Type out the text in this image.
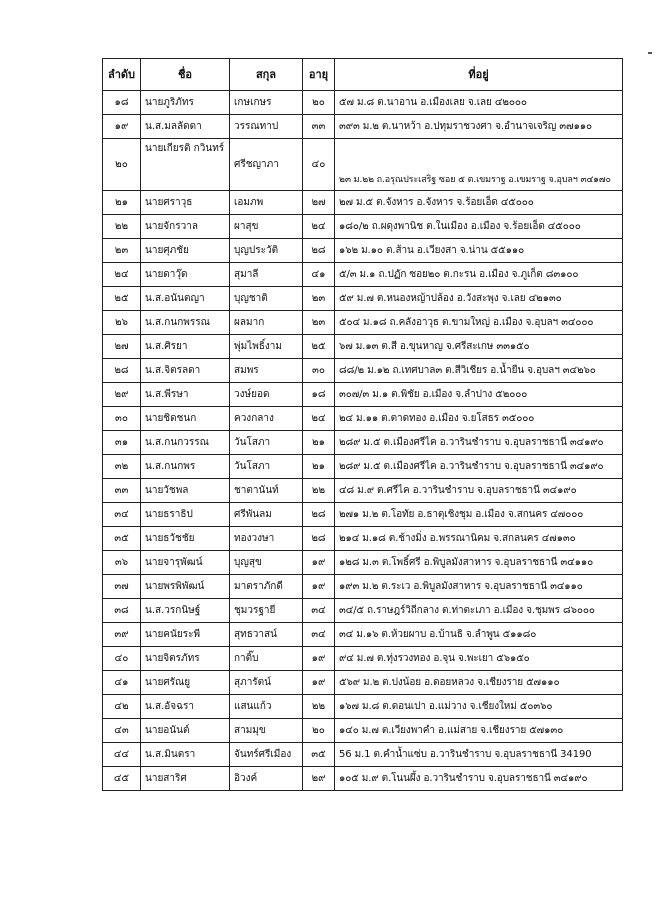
ลำดับ	ชื่อ	สกุล	อายุ	ที่อยู่
๑๘	นายภูริภัทร	เกษเกษร	๒๐	๕๗ ม.๘ ต.นาอาน อ.เมืองเลย จ.เลย ๔๒๐๐๐
๑๙	น.ส.มลลัดดา	วรรณทาป	๓๓	๓๙๓ ม.๒ ต.นาหว้า อ.ปทุมราชวงศา จ.อำนาจเจริญ ๓๗๑๑๐
๒๐	นายเกียรติ กวินทร์	ศรีชญาภา	๔๐	๒๓ ม.๒๒ ถ.อรุณประเสริฐ ซอย ๕ ต.เขมราฐ อ.เขมราฐ จ.อุบลฯ ๓๔๑๗๐
๒๑	นายศราวุธ	เอมภพ	๒๗	๒๗ ม.๕ ต.จังหาร อ.จังหาร จ.ร้อยเอ็ด ๔๕๐๐๐
๒๒	นายจักรวาล	ผาสุข	๒๔	๑๘๐/๒ ถ.ผดุงพานิช ต.ในเมือง อ.เมือง จ.ร้อยเอ็ด ๔๕๐๐๐
๒๓	นายศุภชัย	บุญประวัติ	๒๘	๑๖๒ ม.๑๐ ต.ส้าน อ.เวียงสา จ.น่าน ๕๕๑๑๐
๒๔	นายดาวุ๊ด	สุมาลี	๔๑	๕/๓ ม.๑ ถ.ปฏัก ซอย๒๐ ต.กะรน อ.เมือง จ.ภูเก็ต ๘๓๑๐๐
๒๕	น.ส.อนันตญา	บุญชาติ	๒๓	๕๙ ม.๗ ต.หนองหญ้าปล้อง อ.วังสะพุง จ.เลย ๔๒๑๓๐
๒๖	น.ส.กนกพรรณ	ผลมาก	๒๓	๕๐๔ ม.๑๘ ถ.คลังอาวุธ ต.ขามใหญ่ อ.เมือง จ.อุบลฯ ๓๔๐๐๐
๒๗	น.ส.ศิรยา	พุ่มไพธิ์งาม	๒๕	๖๗ ม.๑๓ ต.สี อ.ขุนหาญ จ.ศรีสะเกษ ๓๓๑๕๐
๒๘	น.ส.จิตรลดา	สมพร	๓๐	๘๘/๒ ม.๑๒ ถ.เทศบาล๓ ต.สีวิเชียร อ.น้ำยืน จ.อุบลฯ ๓๔๒๖๐
๒๙	น.ส.พีรษา	วงษ์ยอด	๑๘	๓๐๗/๓ ม.๑ ต.พิชัย อ.เมือง จ.ลำปาง ๕๒๐๐๐
๓๐	นายชิดชนก	ควงกลาง	๒๔	๒๔ ม.๑๑ ต.ตาดทอง อ.เมือง จ.ยโสธร ๓๕๐๐๐
๓๑	น.ส.กนกวรรณ	วันโสภา	๒๑	๒๘๙ ม.๕ ต.เมืองศรีไค อ.วารินชำราบ จ.อุบลราชธานี ๓๔๑๙๐
๓๒	น.ส.กนกพร	วันโสภา	๒๑	๒๘๙ ม.๕ ต.เมืองศรีไค อ.วารินชำราบ จ.อุบลราชธานี ๓๔๑๙๐
๓๓	นายวัชพล	ชาตานันท์	๒๒	๔๘ ม.๙ ต.ศรีไค อ.วารินชำราบ จ.อุบลราชธานี ๓๔๑๙๐
๓๔	นายธราธิป	ศรีพันลม	๒๘	๒๗๑ ม.๒ ต.โอทัย อ.ธาตุเชิงชุม อ.เมือง จ.สกนคร ๔๗๐๐๐
๓๕	นายธวัชชัย	ทองวงษา	๒๘	๒๑๔ ม.๑๘ ต.ช้างมิ่ง อ.พรรณานิคม จ.สกลนคร ๔๗๑๓๐
๓๖	นายจารุพัฒน์	บุญสุข	๑๙	๑๒๘ ม.๓ ต.โพธิ์ศรี อ.พิบูลมังสาหาร จ.อุบลราชธานี ๓๔๑๑๐
๓๗	นายพรพิพัฒน์	มาตราภักดี	๑๙	๑๙๓ ม.๒ ต.ระเว อ.พิบูลมังสาหาร จ.อุบลราชธานี ๓๔๑๑๐
๓๘	น.ส.วรกนิษฐ์	ชุมวรฐายี	๓๔	๓๔/๕ ถ.ราษฎร์วิถีกลาง ต.ท่าตะเภา อ.เมือง จ.ชุมพร ๘๖๐๐๐
๓๙	นายคนัยระพี	สุทธวาสน์	๓๔	๓๔ ม.๑๖ ต.ห้วยผาบ อ.บ้านธิ จ.ลำพูน ๕๑๑๘๐
๔๐	นายจิตรภัทร	กาติ๊บ	๑๙	๙๔ ม.๗ ต.ทุ่งรวงทอง อ.จุน จ.พะเยา ๕๖๑๕๐
๔๑	นายศรัณยู	สุภารัตน์	๑๙	๕๖๙ ม.๒ ต.ปงน้อย อ.ดอยหลวง จ.เชียงราย ๕๗๑๑๐
๔๒	น.ส.อัจฉรา	แสนแก้ว	๒๒	๑๖๗ ม.๘ ต.ดอนเปา อ.แม่วาง จ.เชียงใหม่ ๕๐๓๖๐
๔๓	นายอนันต์	สามมุข	๒๐	๑๔๐ ม.๗ ต.เวียงพาคำ อ.แม่สาย จ.เชียงราย ๕๗๑๓๐
๔๔	น.ส.มินตรา	จันทร์ศรีเมือง	๓๕	56 ม.1 ต.คำน้ำแซ่บ อ.วารินชำราบ จ.อุบลราชธานี 34190
๔๕	นายสาริศ	อิวงค์	๒๙	๑๐๕ ม.๙ ต.โนนผึ้ง อ.วารินชำราบ จ.อุบลราชธานี ๓๔๑๙๐
